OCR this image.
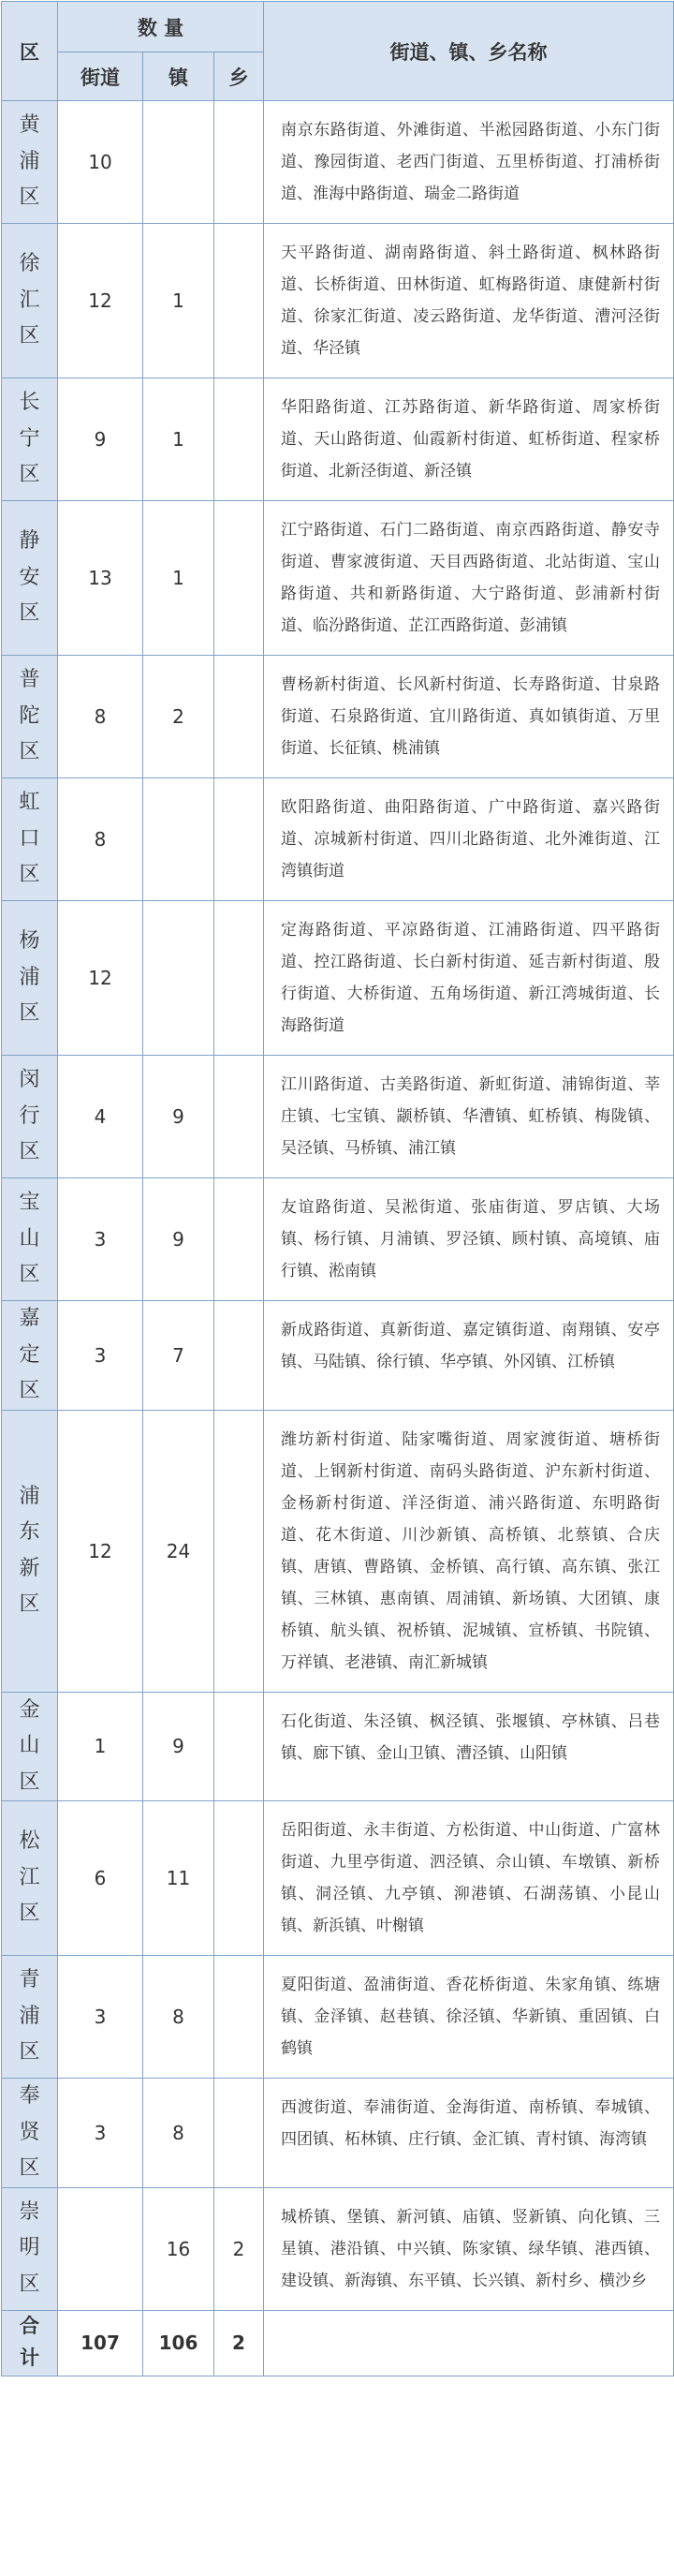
区	数 量			街道、镇、乡名称
	街道	镇	乡	

黄
浦
区	10			南京东路街道、外滩街道、半淞园路街道、小东门街道、豫园街道、老西门街道、五里桥街道、打浦桥街道、淮海中路街道、瑞金二路街道

徐
汇
区	12	1		天平路街道、湖南路街道、斜土路街道、枫林路街道、长桥街道、田林街道、虹梅路街道、康健新村街道、徐家汇街道、凌云路街道、龙华街道、漕河泾街道、华泾镇

长
宁
区	9	1		华阳路街道、江苏路街道、新华路街道、周家桥街道、天山路街道、仙霞新村街道、虹桥街道、程家桥街道、北新泾街道、新泾镇

静
安
区	13	1		江宁路街道、石门二路街道、南京西路街道、静安寺街道、曹家渡街道、天目西路街道、北站街道、宝山路街道、共和新路街道、大宁路街道、彭浦新村街道、临汾路街道、芷江西路街道、彭浦镇

普
陀
区	8	2		曹杨新村街道、长风新村街道、长寿路街道、甘泉路街道、石泉路街道、宜川路街道、真如镇街道、万里街道、长征镇、桃浦镇

虹
口
区	8			欧阳路街道、曲阳路街道、广中路街道、嘉兴路街道、凉城新村街道、四川北路街道、北外滩街道、江湾镇街道

杨
浦
区	12			定海路街道、平凉路街道、江浦路街道、四平路街道、控江路街道、长白新村街道、延吉新村街道、殷行街道、大桥街道、五角场街道、新江湾城街道、长海路街道

闵
行
区	4	9		江川路街道、古美路街道、新虹街道、浦锦街道、莘庄镇、七宝镇、颛桥镇、华漕镇、虹桥镇、梅陇镇、吴泾镇、马桥镇、浦江镇

宝
山
区	3	9		友谊路街道、吴淞街道、张庙街道、罗店镇、大场镇、杨行镇、月浦镇、罗泾镇、顾村镇、高境镇、庙行镇、淞南镇

嘉
定
区	3	7		新成路街道、真新街道、嘉定镇街道、南翔镇、安亭镇、马陆镇、徐行镇、华亭镇、外冈镇、江桥镇

浦
东
新
区	12	24		潍坊新村街道、陆家嘴街道、周家渡街道、塘桥街道、上钢新村街道、南码头路街道、沪东新村街道、金杨新村街道、洋泾街道、浦兴路街道、东明路街道、花木街道、川沙新镇、高桥镇、北蔡镇、合庆镇、唐镇、曹路镇、金桥镇、高行镇、高东镇、张江镇、三林镇、惠南镇、周浦镇、新场镇、大团镇、康桥镇、航头镇、祝桥镇、泥城镇、宣桥镇、书院镇、万祥镇、老港镇、南汇新城镇

金
山
区	1	9		石化街道、朱泾镇、枫泾镇、张堰镇、亭林镇、吕巷镇、廊下镇、金山卫镇、漕泾镇、山阳镇

松
江
区	6	11		岳阳街道、永丰街道、方松街道、中山街道、广富林街道、九里亭街道、泗泾镇、佘山镇、车墩镇、新桥镇、洞泾镇、九亭镇、泖港镇、石湖荡镇、小昆山镇、新浜镇、叶榭镇

青
浦
区	3	8		夏阳街道、盈浦街道、香花桥街道、朱家角镇、练塘镇、金泽镇、赵巷镇、徐泾镇、华新镇、重固镇、白鹤镇

奉
贤
区	3	8		西渡街道、奉浦街道、金海街道、南桥镇、奉城镇、四团镇、柘林镇、庄行镇、金汇镇、青村镇、海湾镇

崇
明
区		16	2	城桥镇、堡镇、新河镇、庙镇、竖新镇、向化镇、三星镇、港沿镇、中兴镇、陈家镇、绿华镇、港西镇、建设镇、新海镇、东平镇、长兴镇、新村乡、横沙乡

合
计	107	106	2	
